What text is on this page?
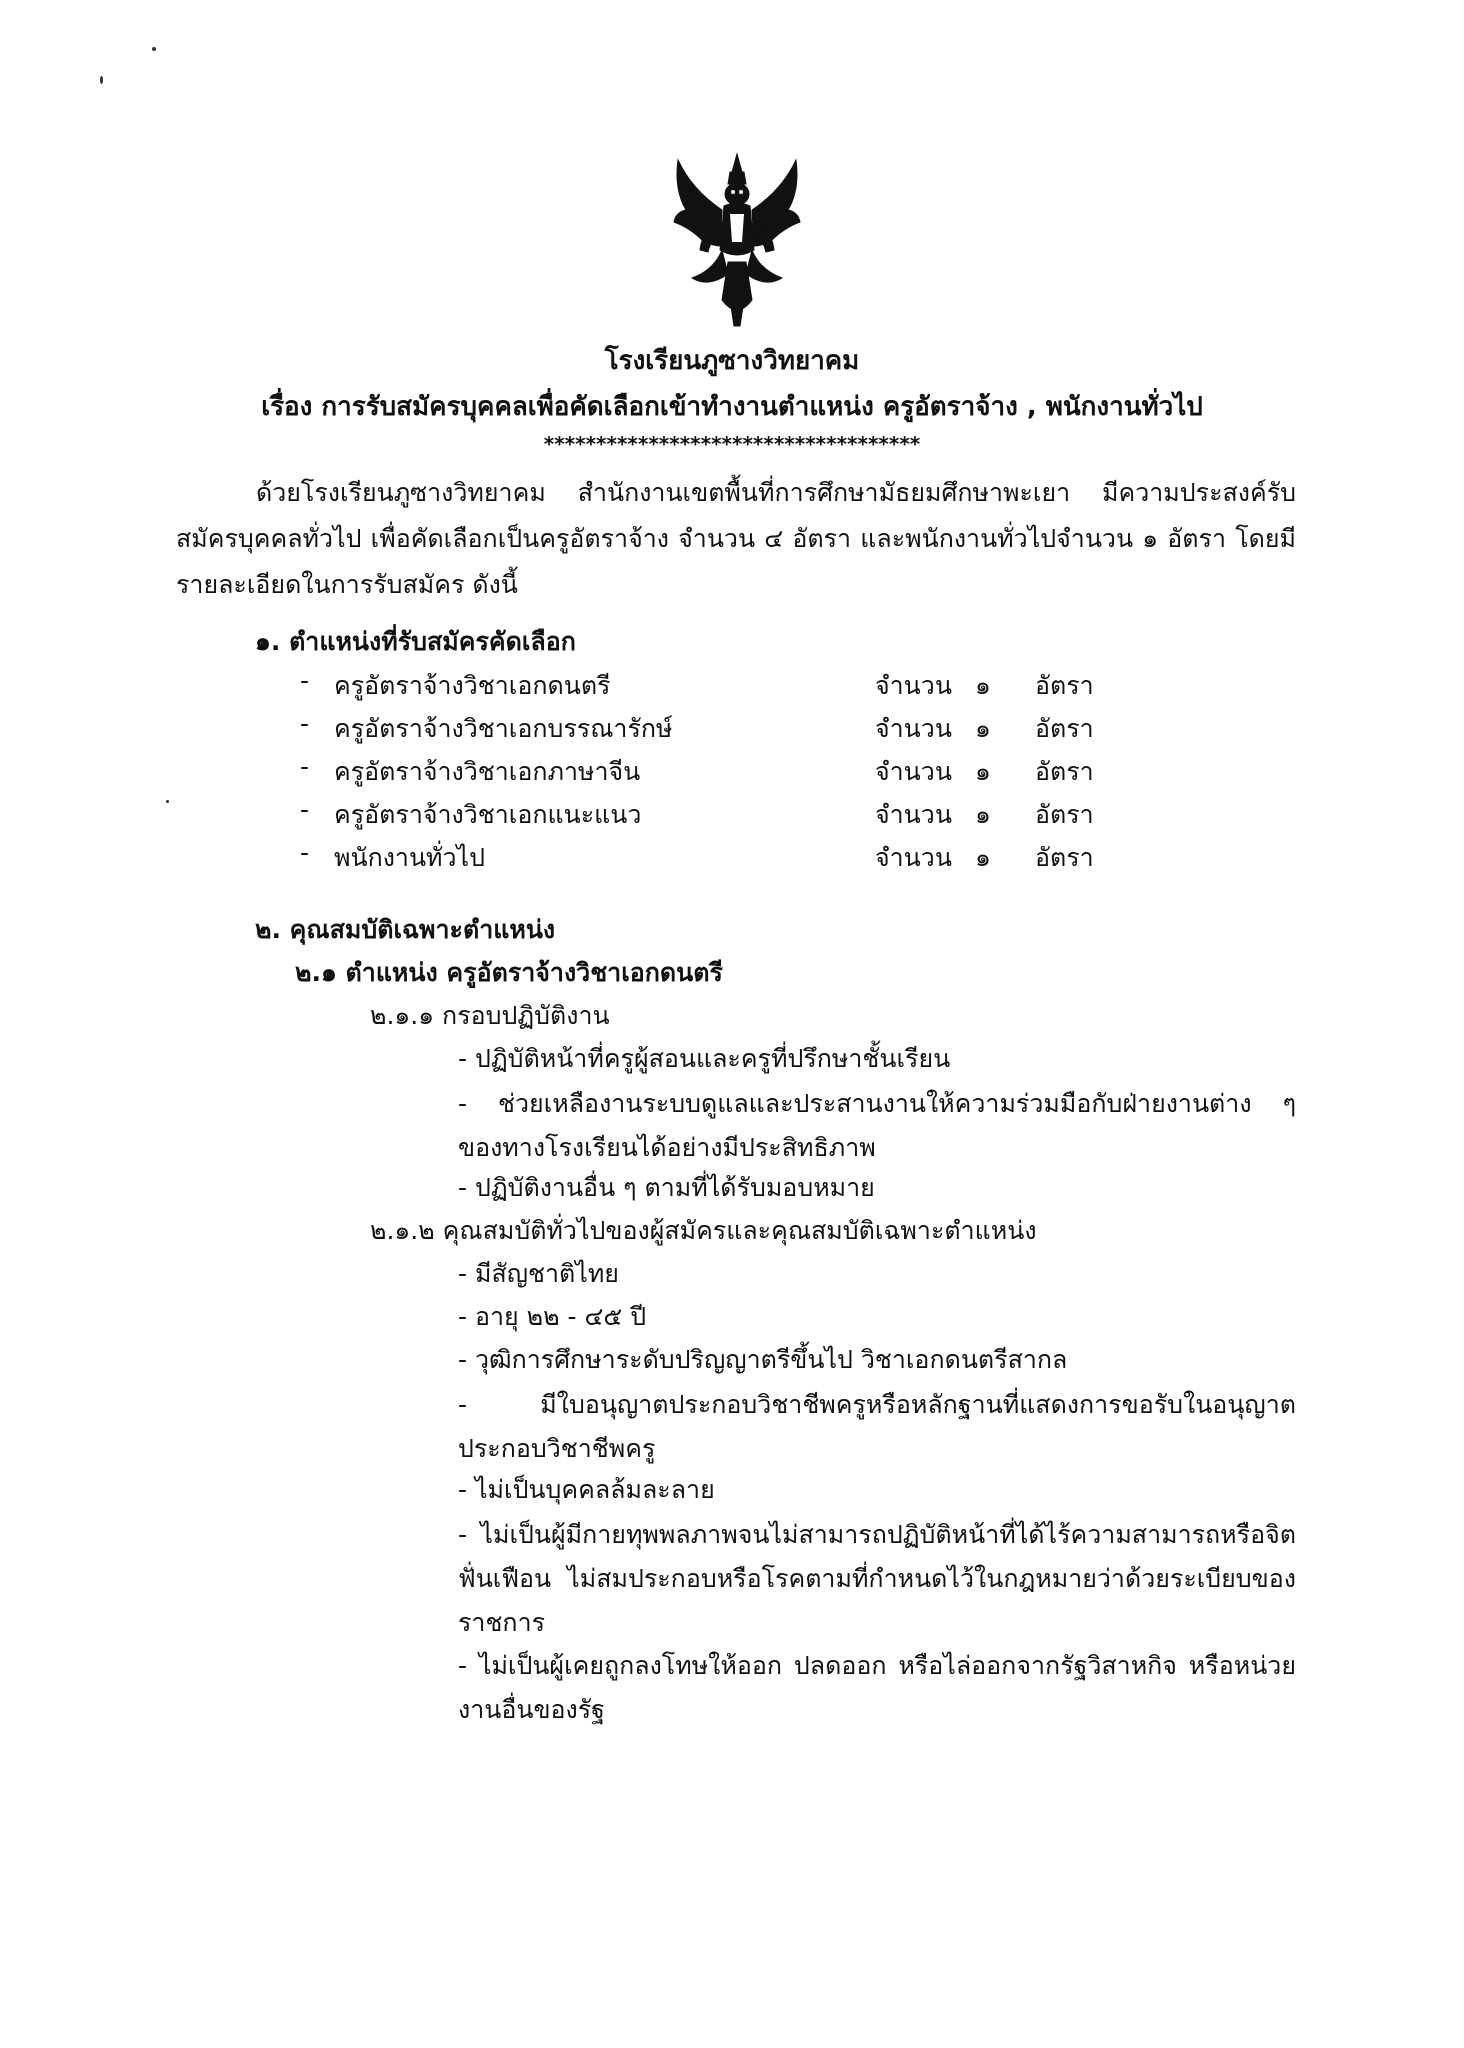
โรงเรียนภูซางวิทยาคม
เรื่อง การรับสมัครบุคคลเพื่อคัดเลือกเข้าทำงานตำแหน่ง ครูอัตราจ้าง , พนักงานทั่วไป
************************************
ด้วยโรงเรียนภูซางวิทยาคม สำนักงานเขตพื้นที่การศึกษามัธยมศึกษาพะเยา มีความประสงค์รับสมัครบุคคลทั่วไป เพื่อคัดเลือกเป็นครูอัตราจ้าง จำนวน ๔ อัตรา และพนักงานทั่วไปจำนวน ๑ อัตรา โดยมีรายละเอียดในการรับสมัคร ดังนี้
๑. ตำแหน่งที่รับสมัครคัดเลือก
- ครูอัตราจ้างวิชาเอกดนตรี	จำนวน ๑ อัตรา
- ครูอัตราจ้างวิชาเอกบรรณารักษ์	จำนวน ๑ อัตรา
- ครูอัตราจ้างวิชาเอกภาษาจีน	จำนวน ๑ อัตรา
- ครูอัตราจ้างวิชาเอกแนะแนว	จำนวน ๑ อัตรา
- พนักงานทั่วไป	จำนวน ๑ อัตรา
๒. คุณสมบัติเฉพาะตำแหน่ง
๒.๑ ตำแหน่ง ครูอัตราจ้างวิชาเอกดนตรี
๒.๑.๑ กรอบปฏิบัติงาน
- ปฏิบัติหน้าที่ครูผู้สอนและครูที่ปรึกษาชั้นเรียน
- ช่วยเหลืองานระบบดูแลและประสานงานให้ความร่วมมือกับฝ่ายงานต่าง ๆ ของทางโรงเรียนได้อย่างมีประสิทธิภาพ
- ปฏิบัติงานอื่น ๆ ตามที่ได้รับมอบหมาย
๒.๑.๒ คุณสมบัติทั่วไปของผู้สมัครและคุณสมบัติเฉพาะตำแหน่ง
- มีสัญชาติไทย
- อายุ ๒๒ - ๔๕ ปี
- วุฒิการศึกษาระดับปริญญาตรีขึ้นไป วิชาเอกดนตรีสากล
- มีใบอนุญาตประกอบวิชาชีพครูหรือหลักฐานที่แสดงการขอรับในอนุญาตประกอบวิชาชีพครู
- ไม่เป็นบุคคลล้มละลาย
- ไม่เป็นผู้มีกายทุพพลภาพจนไม่สามารถปฏิบัติหน้าที่ได้ไร้ความสามารถหรือจิตฟั่นเฟือน ไม่สมประกอบหรือโรคตามที่กำหนดไว้ในกฎหมายว่าด้วยระเบียบของราชการ
- ไม่เป็นผู้เคยถูกลงโทษให้ออก ปลดออก หรือไล่ออกจากรัฐวิสาหกิจ หรือหน่วยงานอื่นของรัฐ
